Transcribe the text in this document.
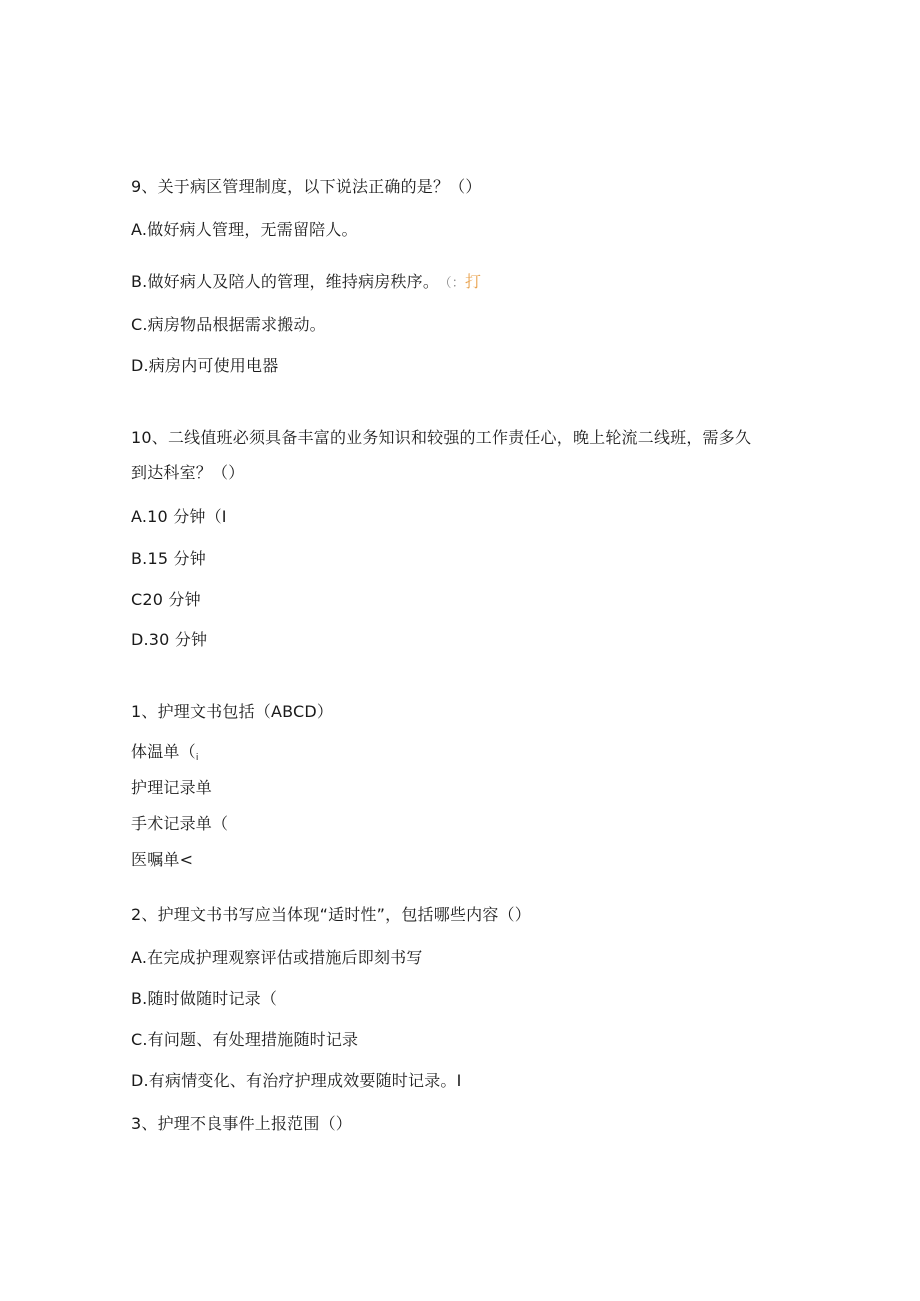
9、关于病区管理制度，以下说法正确的是？（）
A.做好病人管理，无需留陪人。
B.做好病人及陪人的管理，维持病房秩序。 （：打
C.病房物品根据需求搬动。
D.病房内可使用电器
10、二线值班必须具备丰富的业务知识和较强的工作责任心，晚上轮流二线班，需多久
到达科室？（）
A.10 分钟（I
B.15 分钟
C20 分钟
D.30 分钟
1、护理文书包括（ABCD）
体温单（i
护理记录单
手术记录单（
医嘱单<
2、护理文书书写应当体现“适时性”，包括哪些内容（）
A.在完成护理观察评估或措施后即刻书写
B.随时做随时记录（
C.有问题、有处理措施随时记录
D.有病情变化、有治疗护理成效要随时记录。I
3、护理不良事件上报范围（）
